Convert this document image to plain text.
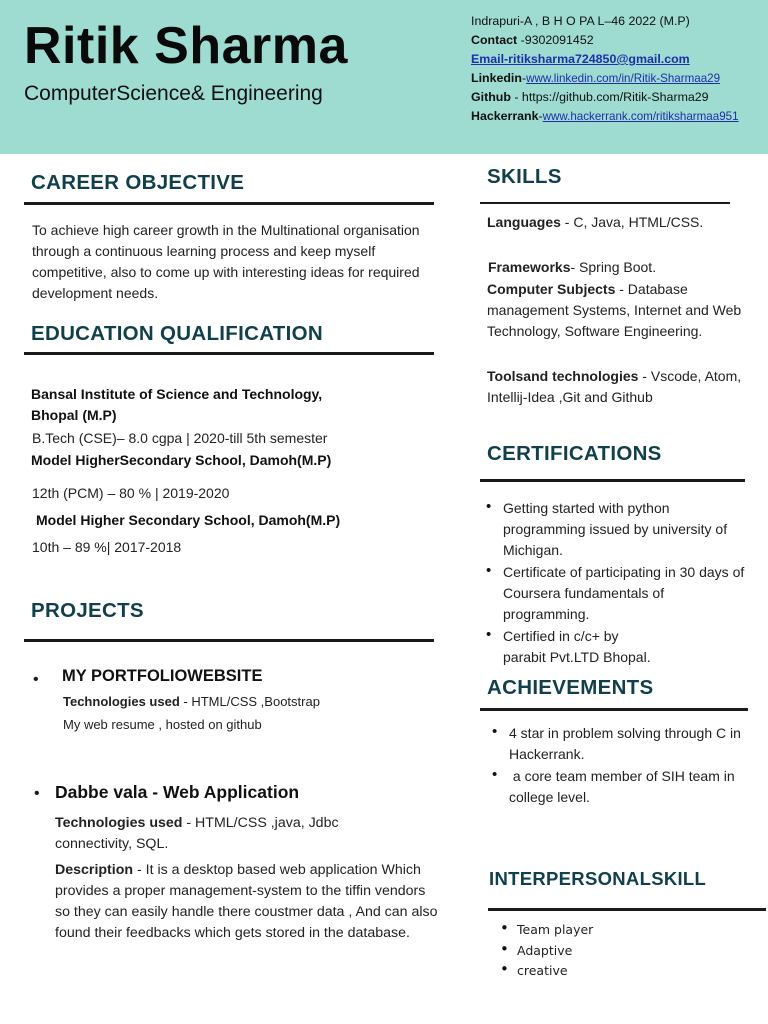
Ritik Sharma

ComputerScience& Engineering

Indrapuri-A , B H O PA L–46 2022 (M.P)
Contact -9302091452
Email-ritiksharma724850@gmail.com
Linkedin-www.linkedin.com/in/Ritik-Sharmaa29
Github - https://github.com/Ritik-Sharma29
Hackerrank-www.hackerrank.com/ritiksharmaa951
CAREER OBJECTIVE

To achieve high career growth in the Multinational organisation through a continuous learning process and keep myself competitive, also to come up with interesting ideas for required development needs.

EDUCATION QUALIFICATION

Bansal Institute of Science and Technology, Bhopal (M.P)

B.Tech (CSE)– 8.0 cgpa | 2020-till 5th semester

Model HigherSecondary School, Damoh(M.P)

12th (PCM) – 80 % | 2019-2020

Model Higher Secondary School, Damoh(M.P)

10th – 89 %| 2017-2018

PROJECTS
• MY PORTFOLIOWEBSITE

Technologies used - HTML/CSS ,Bootstrap

My web resume , hosted on github

• Dabbe vala - Web Application

Technologies used - HTML/CSS ,java, Jdbc connectivity, SQL.

Description - It is a desktop based web application Which provides a proper management-system to the tiffin vendors so they can easily handle there coustmer data , And can also found their feedbacks which gets stored in the database.

SKILLS

Languages - C, Java, HTML/CSS.

Frameworks- Spring Boot.

Computer Subjects - Database management Systems, Internet and Web Technology, Software Engineering.

Toolsand technologies - Vscode, Atom, Intellij-Idea ,Git and Github

CERTIFICATIONS
• Getting started with python programming issued by university of Michigan.
• Certificate of participating in 30 days of Coursera fundamentals of programming.
• Certified in c/c+ by parabit Pvt.LTD Bhopal.
ACHIEVEMENTS
• 4 star in problem solving through C in Hackerrank.
•  a core team member of SIH team in college level.
INTERPERSONALSKILL
• Team player
• Adaptive
• creative
